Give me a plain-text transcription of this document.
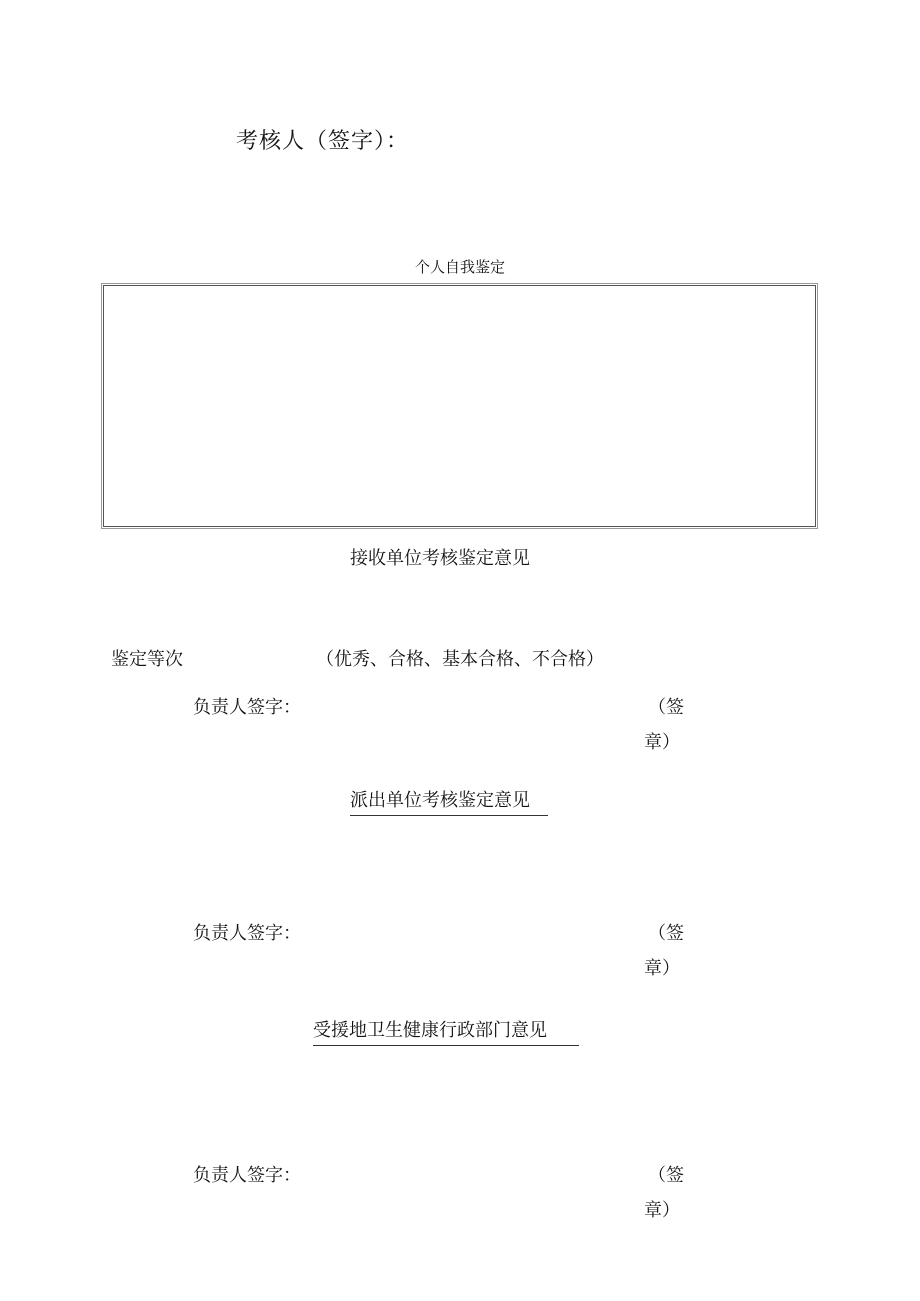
考核人（签字）：
个人自我鉴定
接收单位考核鉴定意见
鉴定等次	（优秀、合格、基本合格、不合格）
负责人签字：	（签
章）
派出单位考核鉴定意见
负责人签字：	（签
章）
受援地卫生健康行政部门意见
负责人签字：	（签
章）
